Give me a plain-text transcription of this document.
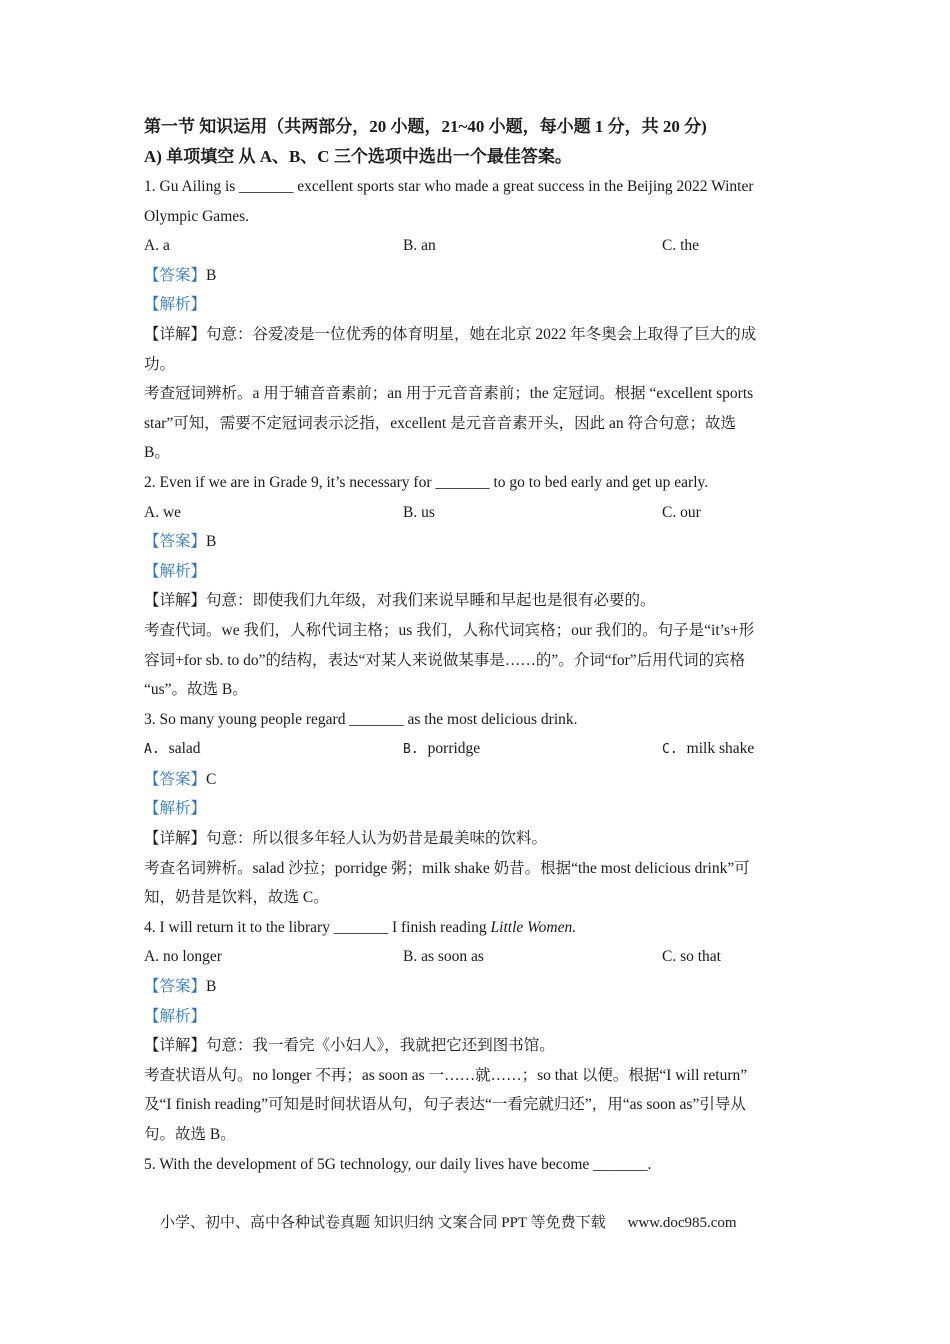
第一节 知识运用（共两部分，20 小题，21~40 小题，每小题 1 分，共 20 分)
A) 单项填空 从 A、B、C 三个选项中选出一个最佳答案。
1. Gu Ailing is _______ excellent sports star who made a great success in the Beijing 2022 Winter
Olympic Games.
A. a	B. an	C. the
【答案】B
【解析】
【详解】句意：谷爱凌是一位优秀的体育明星，她在北京 2022 年冬奥会上取得了巨大的成
功。
考查冠词辨析。a 用于辅音音素前；an 用于元音音素前；the 定冠词。根据 “excellent sports
star”可知，需要不定冠词表示泛指，excellent 是元音音素开头，因此 an 符合句意；故选
B。
2. Even if we are in Grade 9, it’s necessary for _______ to go to bed early and get up early.
A. we	B. us	C. our
【答案】B
【解析】
【详解】句意：即使我们九年级，对我们来说早睡和早起也是很有必要的。
考查代词。we 我们，人称代词主格；us 我们，人称代词宾格；our 我们的。句子是“it’s+形
容词+for sb. to do”的结构，表达“对某人来说做某事是……的”。介词“for”后用代词的宾格
“us”。故选 B。
3. So many young people regard _______ as the most delicious drink.
A. salad	B. porridge	C. milk shake
【答案】C
【解析】
【详解】句意：所以很多年轻人认为奶昔是最美味的饮料。
考查名词辨析。salad 沙拉；porridge 粥；milk shake 奶昔。根据“the most delicious drink”可
知，奶昔是饮料，故选 C。
4. I will return it to the library _______ I finish reading Little Women.
A. no longer	B. as soon as	C. so that
【答案】B
【解析】
【详解】句意：我一看完《小妇人》，我就把它还到图书馆。
考查状语从句。no longer 不再；as soon as 一……就……；so that 以便。根据“I will return”
及“I finish reading”可知是时间状语从句，句子表达“一看完就归还”，用“as soon as”引导从
句。故选 B。
5. With the development of 5G technology, our daily lives have become _______.
小学、初中、高中各种试卷真题 知识归纳 文案合同 PPT 等免费下载 www.doc985.com
